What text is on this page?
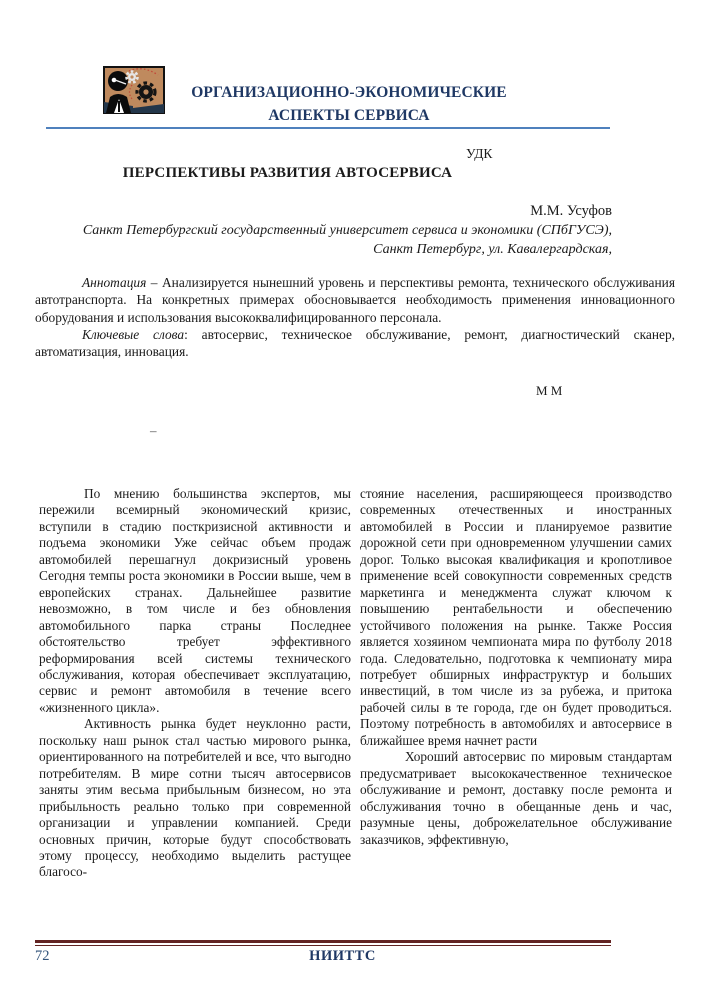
ОРГАНИЗАЦИОННО-ЭКОНОМИЧЕСКИЕ
АСПЕКТЫ СЕРВИСА
УДК
ПЕРСПЕКТИВЫ РАЗВИТИЯ АВТОСЕРВИСА
М.М. Усуфов
Санкт Петербургский государственный университет сервиса и экономики (СПбГУСЭ),
Санкт Петербург, ул. Кавалергардская,

Аннотация – Анализируется нынешний уровень и перспективы ремонта, технического обслуживания автотранспорта. На конкретных примерах обосновывается необходимость применения инновационного оборудования и использования высококвалифицированного персонала.

Ключевые слова: автосервис, техническое обслуживание, ремонт, диагностический сканер, автоматизация, инновация.

М М
–

По мнению большинства экспертов, мы пережили всемирный экономический кризис, вступили в стадию посткризисной активности и подъема экономики Уже сейчас объем продаж автомобилей перешагнул докризисный уровень Сегодня темпы роста экономики в России выше, чем в европейских странах. Дальнейшее развитие невозможно, в том числе и без обновления автомобильного парка страны Последнее обстоятельство требует эффективного реформирования всей системы технического обслуживания, которая обеспечивает эксплуатацию, сервис и ремонт автомобиля в течение всего «жизненного цикла».

Активность рынка будет неуклонно расти, поскольку наш рынок стал частью мирового рынка, ориентированного на потребителей и все, что выгодно потребителям. В мире сотни тысяч автосервисов заняты этим весьма прибыльным бизнесом, но эта прибыльность реально только при современной организации и управлении компанией. Среди основных причин, которые будут способствовать этому процессу, необходимо выделить растущее благосо-

стояние населения, расширяющееся производство современных отечественных и иностранных автомобилей в России и планируемое развитие дорожной сети при одновременном улучшении самих дорог. Только высокая квалификация и кропотливое применение всей совокупности современных средств маркетинга и менеджмента служат ключом к повышению рентабельности и обеспечению устойчивого положения на рынке. Также Россия является хозяином чемпионата мира по футболу 2018 года. Следовательно, подготовка к чемпионату мира потребует обширных инфраструктур и больших инвестиций, в том числе из за рубежа, и притока рабочей силы в те города, где он будет проводиться. Поэтому потребность в автомобилях и автосервисе в ближайшее время начнет расти

Хороший автосервис по мировым стандартам предусматривает высококачественное техническое обслуживание и ремонт, доставку после ремонта и обслуживания точно в обещанные день и час, разумные цены, доброжелательное обслуживание заказчиков, эффективную,

72	НИИТТС
